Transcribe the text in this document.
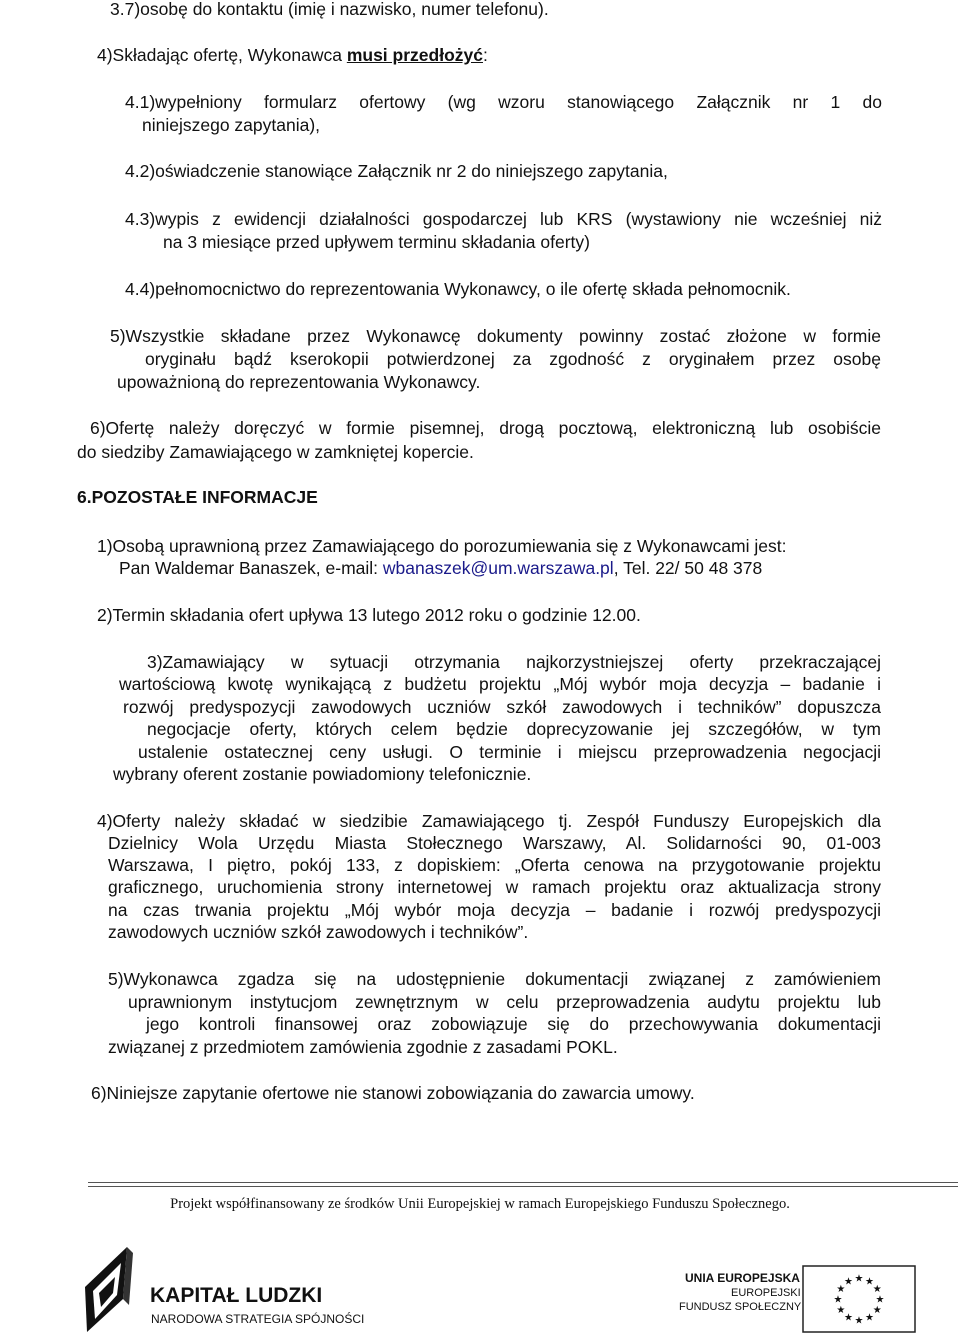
3.7)osobę do kontaktu (imię i nazwisko, numer telefonu).
4)Składając ofertę, Wykonawca musi przedłożyć:
4.1)wypełniony formularz ofertowy (wg wzoru stanowiącego Załącznik nr 1 do
niniejszego zapytania),
4.2)oświadczenie stanowiące Załącznik nr 2 do niniejszego zapytania,
4.3)wypis z ewidencji działalności gospodarczej lub KRS (wystawiony nie wcześniej niż
na 3 miesiące przed upływem terminu składania oferty)
4.4)pełnomocnictwo do reprezentowania Wykonawcy, o ile ofertę składa pełnomocnik.
5)Wszystkie składane przez Wykonawcę dokumenty powinny zostać złożone w formie
oryginału bądź kserokopii potwierdzonej za zgodność z oryginałem przez osobę
upoważnioną do reprezentowania Wykonawcy.
6)Ofertę należy doręczyć w formie pisemnej, drogą pocztową, elektroniczną lub osobiście
do siedziby Zamawiającego w zamkniętej kopercie.
6.POZOSTAŁE INFORMACJE
1)Osobą uprawnioną przez Zamawiającego do porozumiewania się z Wykonawcami jest:
Pan Waldemar Banaszek, e-mail: wbanaszek@um.warszawa.pl, Tel. 22/ 50 48 378
2)Termin składania ofert upływa 13 lutego 2012 roku o godzinie 12.00.
3)Zamawiający w sytuacji otrzymania najkorzystniejszej oferty przekraczającej
wartościową kwotę wynikającą z budżetu projektu „Mój wybór moja decyzja – badanie i
rozwój predyspozycji zawodowych uczniów szkół zawodowych i techników” dopuszcza
negocjacje oferty, których celem będzie doprecyzowanie jej szczegółów, w tym
ustalenie ostatecznej ceny usługi. O terminie i miejscu przeprowadzenia negocjacji
wybrany oferent zostanie powiadomiony telefonicznie.
4)Oferty należy składać w siedzibie Zamawiającego tj. Zespół Funduszy Europejskich dla
Dzielnicy Wola Urzędu Miasta Stołecznego Warszawy, Al. Solidarności 90, 01-003
Warszawa, I piętro, pokój 133, z dopiskiem: „Oferta cenowa na przygotowanie projektu
graficznego, uruchomienia strony internetowej w ramach projektu oraz aktualizacja strony
na czas trwania projektu „Mój wybór moja decyzja – badanie i rozwój predyspozycji
zawodowych uczniów szkół zawodowych i techników”.
5)Wykonawca zgadza się na udostępnienie dokumentacji związanej z zamówieniem
uprawnionym instytucjom zewnętrznym w celu przeprowadzenia audytu projektu lub
jego kontroli finansowej oraz zobowiązuje się do przechowywania dokumentacji
związanej z przedmiotem zamówienia zgodnie z zasadami POKL.
6)Niniejsze zapytanie ofertowe nie stanowi zobowiązania do zawarcia umowy.
Projekt współfinansowany ze środków Unii Europejskiej w ramach Europejskiego Funduszu Społecznego.
KAPITAŁ LUDZKI
NARODOWA STRATEGIA SPÓJNOŚCI
UNIA EUROPEJSKA
EUROPEJSKI
FUNDUSZ SPOŁECZNY
★ ★
★
★
★
★
★
★
★
★
★
★
